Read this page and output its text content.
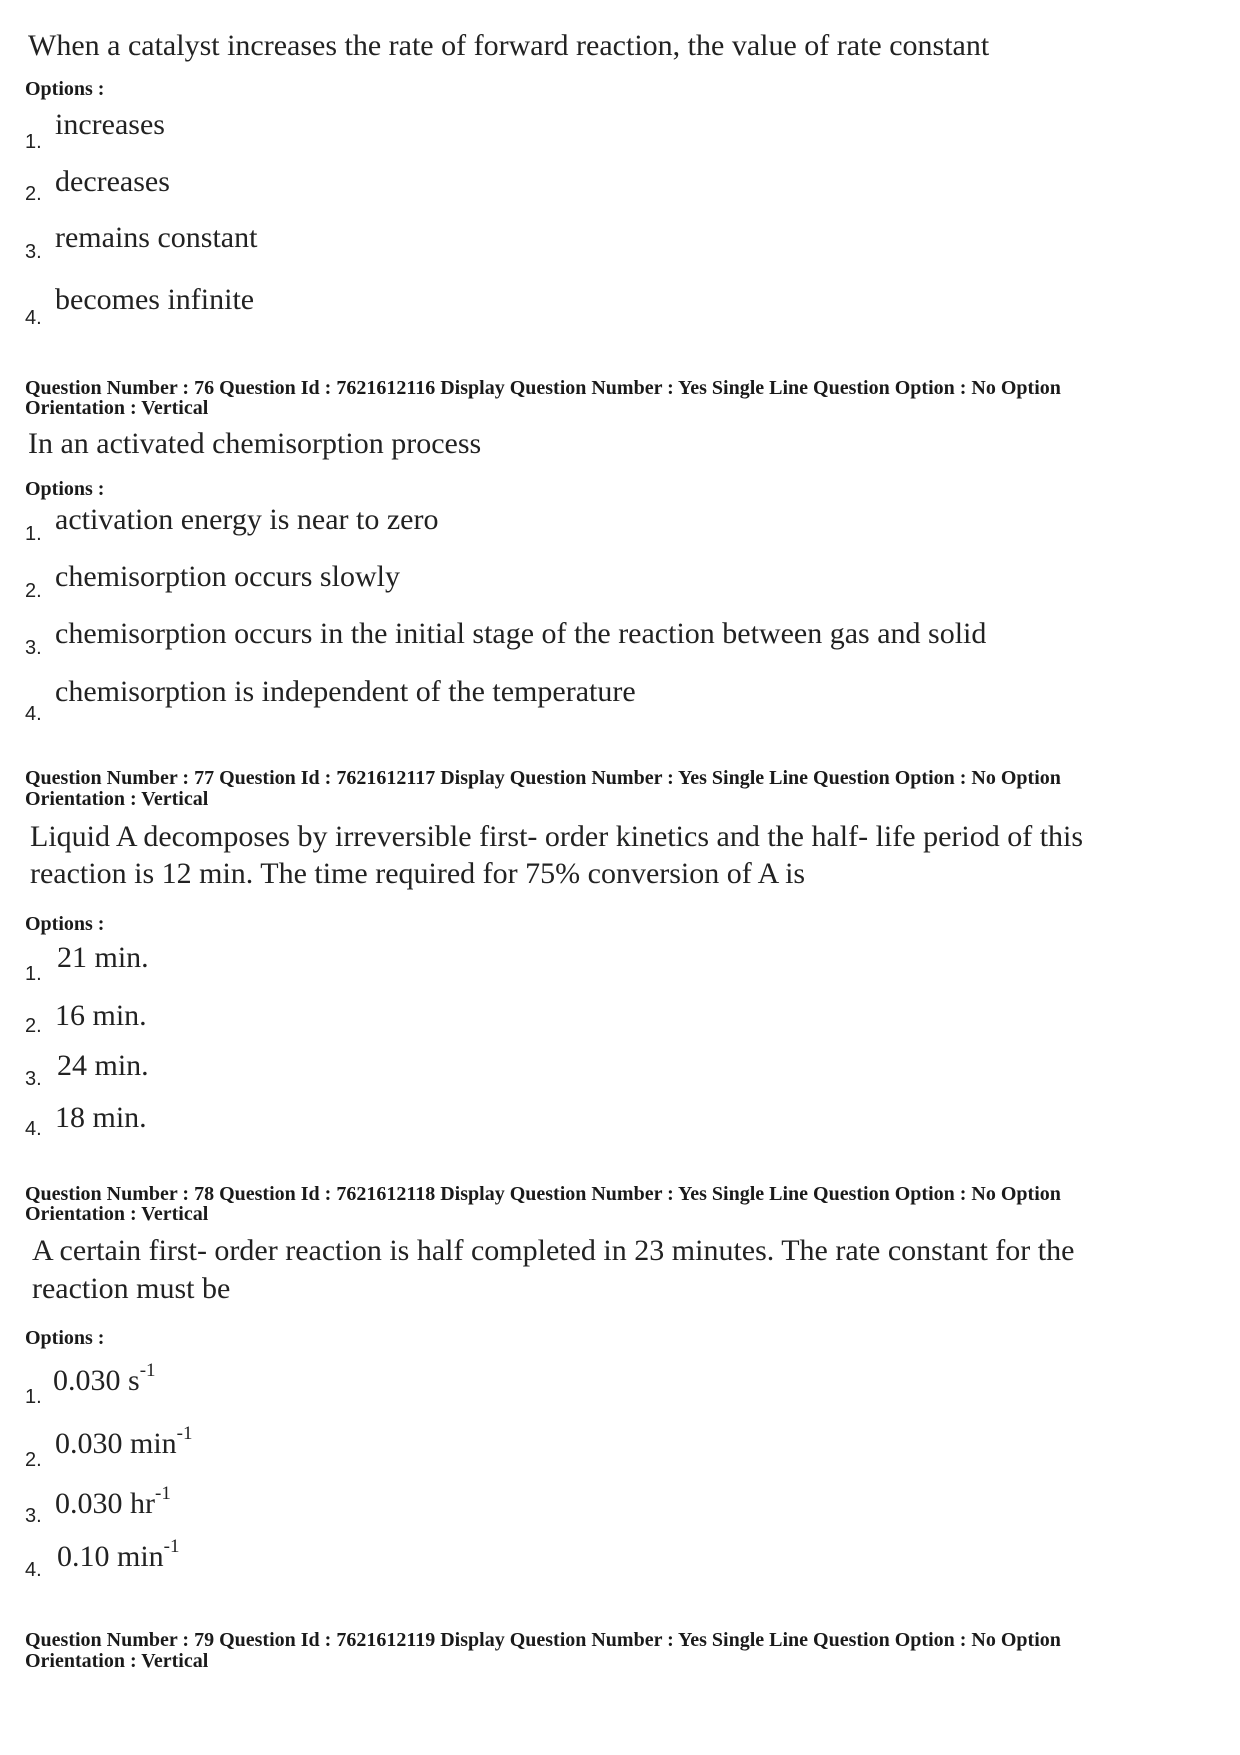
When a catalyst increases the rate of forward reaction, the value of rate constant
Options :
1.
increases
2. decreases
3. remains constant
4.
becomes infinite
Question Number : 76 Question Id : 7621612116 Display Question Number : Yes Single Line Question Option : No Option
Orientation : Vertical
In an activated chemisorption process
Options :
1. activation energy is near to zero
2. chemisorption occurs slowly
3. chemisorption occurs in the initial stage of the reaction between gas and solid
4.
chemisorption is independent of the temperature
Question Number : 77 Question Id : 7621612117 Display Question Number : Yes Single Line Question Option : No Option
Orientation : Vertical
Liquid A decomposes by irreversible first- order kinetics and the half- life period of this
reaction is 12 min. The time required for 75% conversion of A is
Options :
1. 21 min.
2. 16 min.
3. 24 min.
4. 18 min.
Question Number : 78 Question Id : 7621612118 Display Question Number : Yes Single Line Question Option : No Option
Orientation : Vertical
A certain first- order reaction is half completed in 23 minutes. The rate constant for the
reaction must be
Options :
1. 0.030 $s^{-1}$
2. 0.030 $\min^{-1}$
3. 0.030 $hr^{-1}$
4. 0.10 $\min^{-1}$
Question Number : 79 Question Id : 7621612119 Display Question Number : Yes Single Line Question Option : No Option
Orientation : Vertical
